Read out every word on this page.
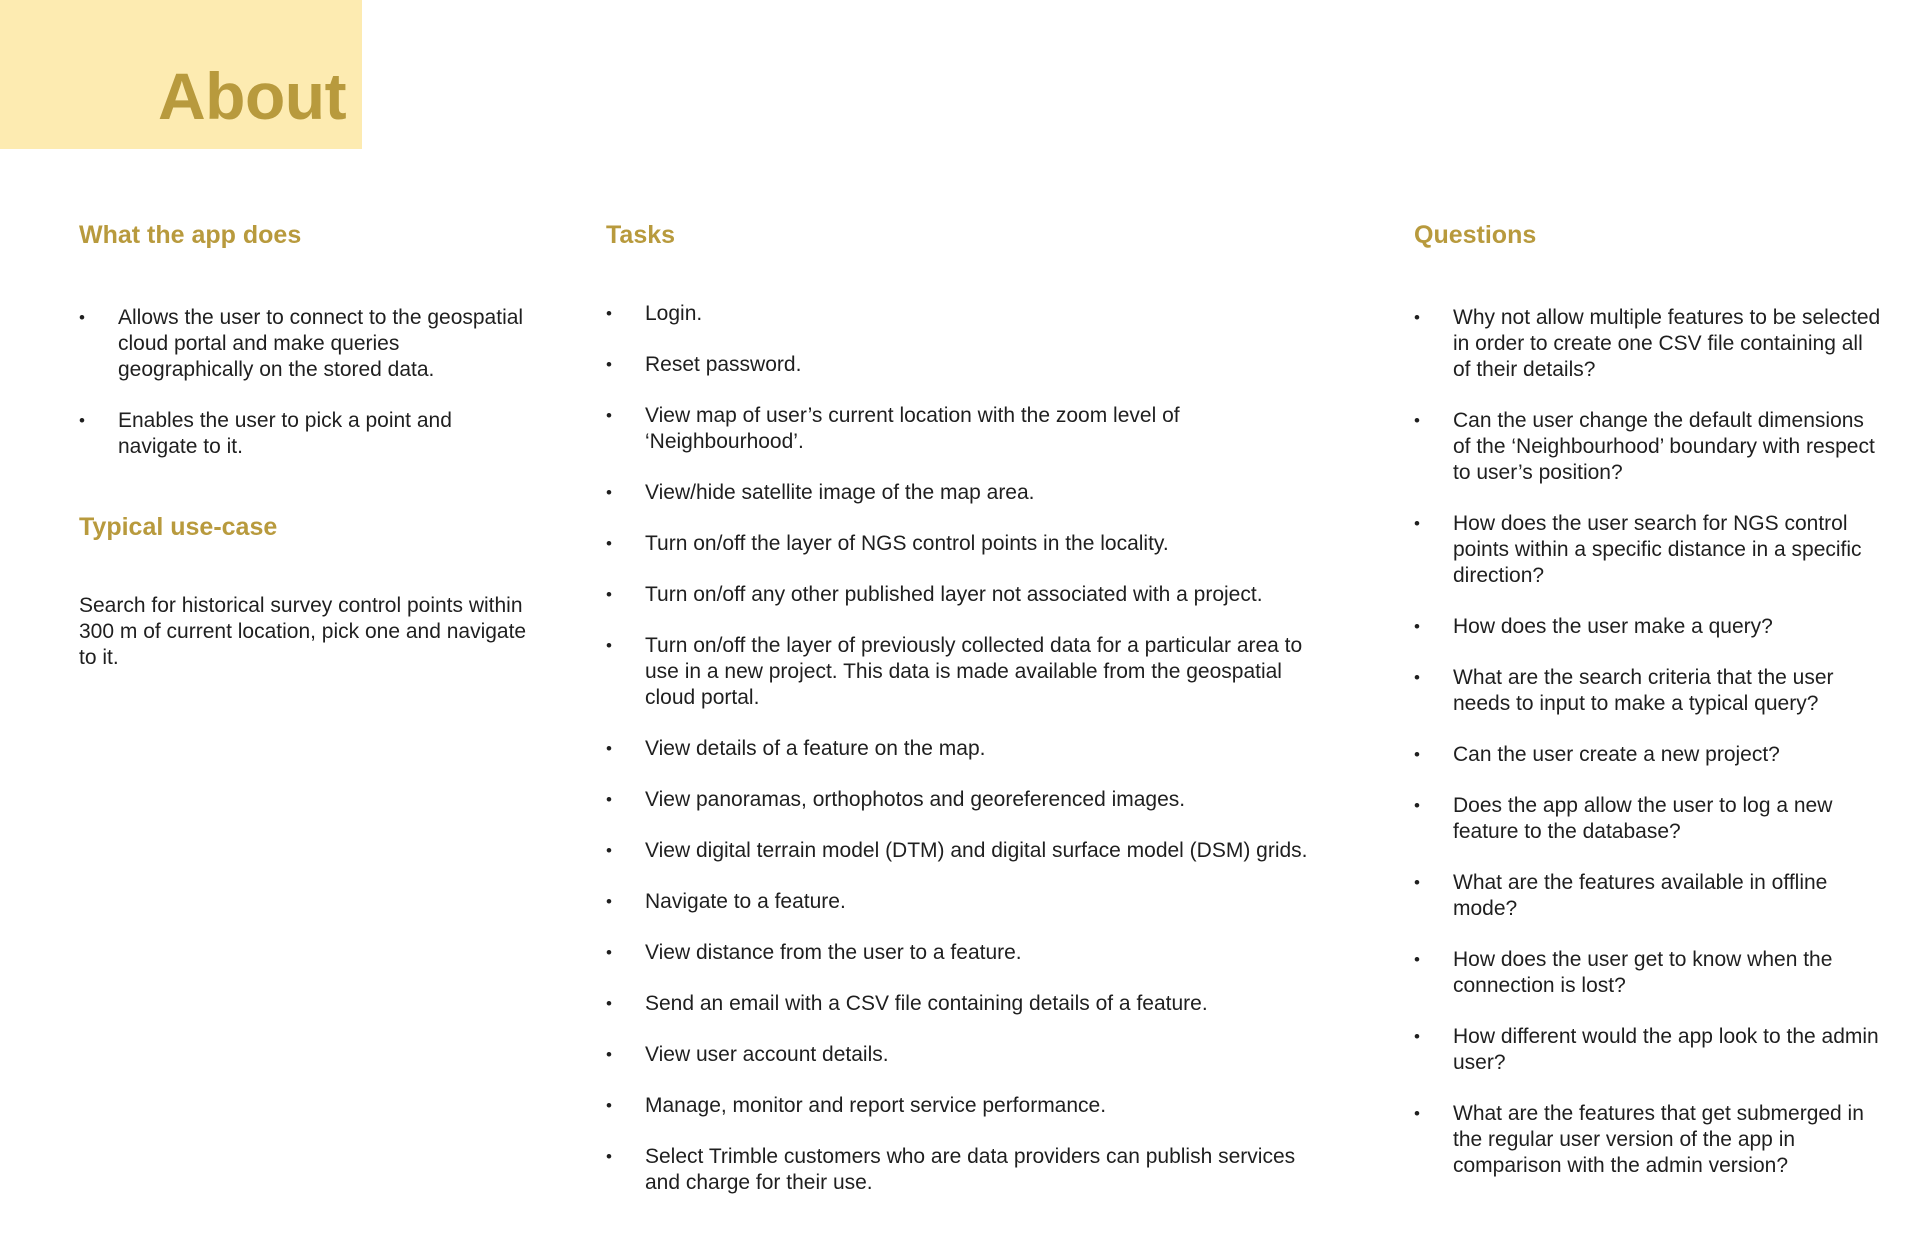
About
What the app does
• Allows the user to connect to the geospatial cloud portal and make queries geographically on the stored data.
• Enables the user to pick a point and navigate to it.
Typical use-case

Search for historical survey control points within 300 m of current location, pick one and navigate to it.

Tasks
• Login.
• Reset password.
• View map of user’s current location with the zoom level of ‘Neighbourhood’.
• View/hide satellite image of the map area.
• Turn on/off the layer of NGS control points in the locality.
• Turn on/off any other published layer not associated with a project.
• Turn on/off the layer of previously collected data for a particular area to use in a new project. This data is made available from the geospatial cloud portal.
• View details of a feature on the map.
• View panoramas, orthophotos and georeferenced images.
• View digital terrain model (DTM) and digital surface model (DSM) grids.
• Navigate to a feature.
• View distance from the user to a feature.
• Send an email with a CSV file containing details of a feature.
• View user account details.
• Manage, monitor and report service performance.
• Select Trimble customers who are data providers can publish services and charge for their use.
Questions
• Why not allow multiple features to be selected in order to create one CSV file containing all of their details?
• Can the user change the default dimensions of the ‘Neighbourhood’ boundary with respect to user’s position?
• How does the user search for NGS control points within a specific distance in a specific direction?
• How does the user make a query?
• What are the search criteria that the user needs to input to make a typical query?
• Can the user create a new project?
• Does the app allow the user to log a new feature to the database?
• What are the features available in offline mode?
• How does the user get to know when the connection is lost?
• How different would the app look to the admin user?
• What are the features that get submerged in the regular user version of the app in comparison with the admin version?
